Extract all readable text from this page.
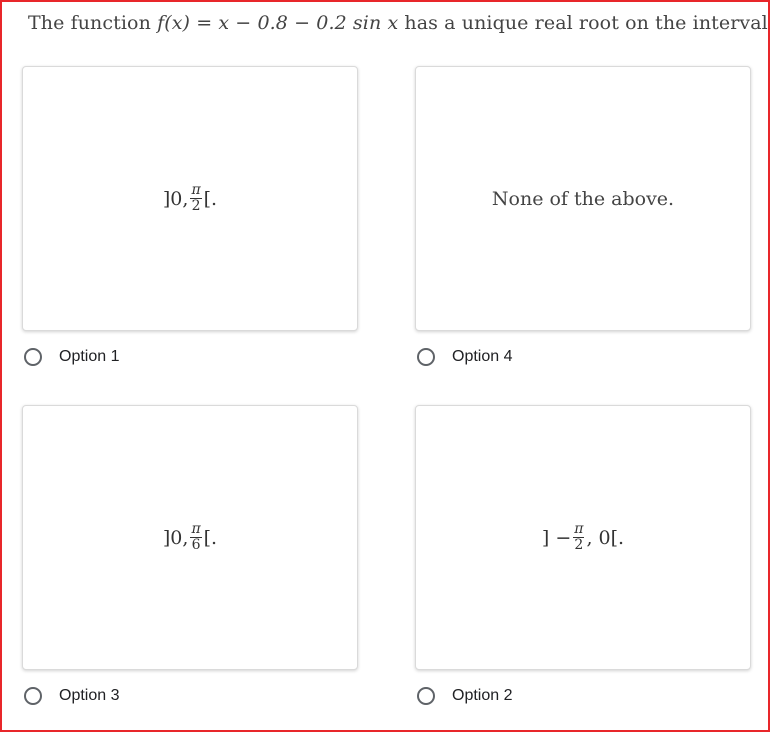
The function f(x) = x − 0.8 − 0.2 sin x has a unique real root on the interval
]0, $\frac{\pi}{2}$ [.
Option 1
None of the above.
Option 4
]0, $\frac{\pi}{6}$ [.
Option 3
] − $\frac{\pi}{2}$ , 0[.
Option 2
